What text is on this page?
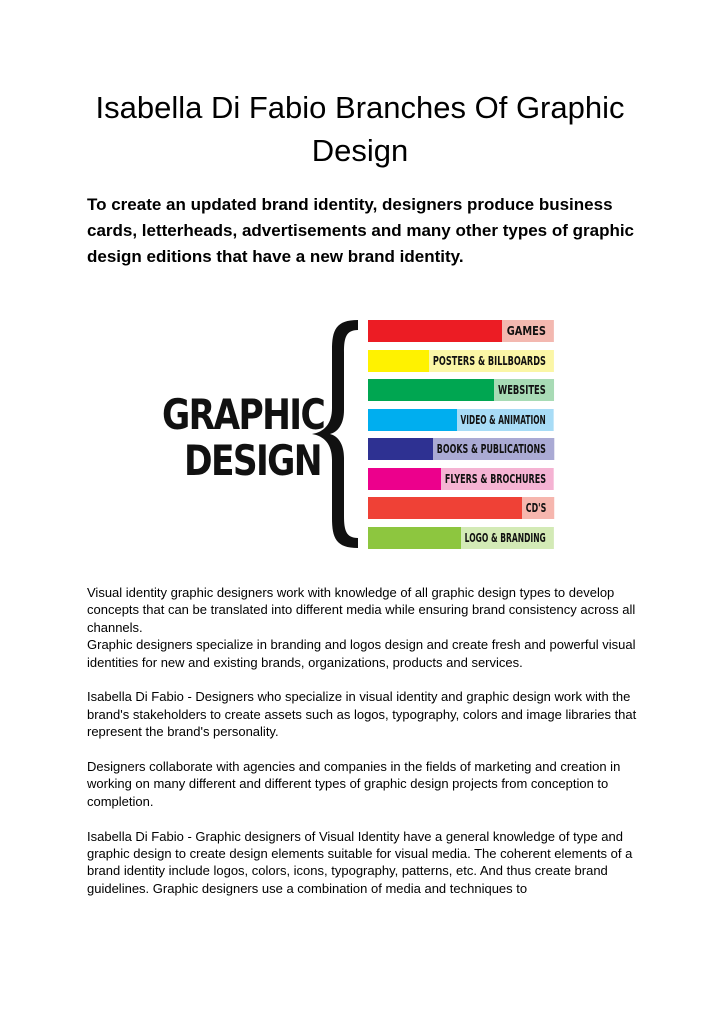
Isabella Di Fabio Branches Of Graphic Design

To create an updated brand identity, designers produce business cards, letterheads, advertisements and many other types of graphic design editions that have a new brand identity.

GRAPHIC
DESIGN
GAMES
POSTERS & BILLBOARDS
WEBSITES
VIDEO & ANIMATION
BOOKS & PUBLICATIONS
FLYERS & BROCHURES
CD'S
LOGO & BRANDING

Visual identity graphic designers work with knowledge of all graphic design types to develop concepts that can be translated into different media while ensuring brand consistency across all channels.
Graphic designers specialize in branding and logos design and create fresh and powerful visual identities for new and existing brands, organizations, products and services.

Isabella Di Fabio - Designers who specialize in visual identity and graphic design work with the brand's stakeholders to create assets such as logos, typography, colors and image libraries that represent the brand's personality.

Designers collaborate with agencies and companies in the fields of marketing and creation in working on many different and different types of graphic design projects from conception to completion.

Isabella Di Fabio - Graphic designers of Visual Identity have a general knowledge of type and graphic design to create design elements suitable for visual media. The coherent elements of a brand identity include logos, colors, icons, typography, patterns, etc. And thus create brand guidelines. Graphic designers use a combination of media and techniques to
